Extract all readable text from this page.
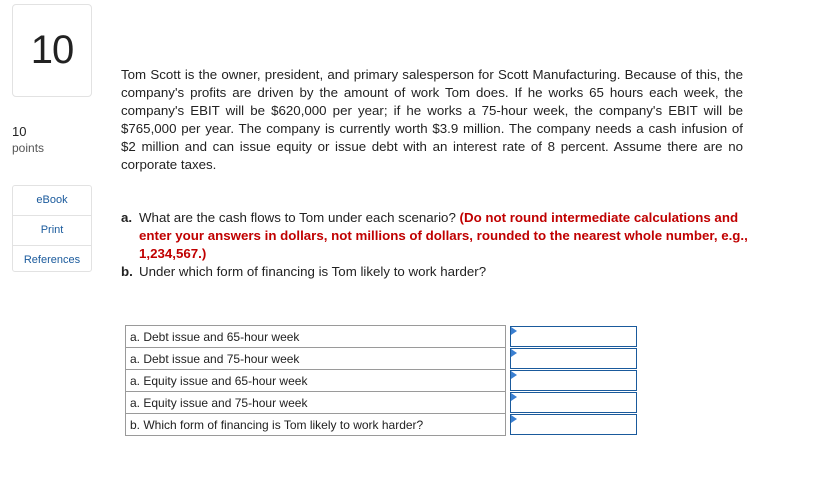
10
10
points
eBook
Print
References
Tom Scott is the owner, president, and primary salesperson for Scott Manufacturing. Because of this, the company's profits are driven by the amount of work Tom does. If he works 65 hours each week, the company's EBIT will be $620,000 per year; if he works a 75-hour week, the company's EBIT will be $765,000 per year. The company is currently worth $3.9 million. The company needs a cash infusion of $2 million and can issue equity or issue debt with an interest rate of 8 percent. Assume there are no corporate taxes.
a. What are the cash flows to Tom under each scenario? (Do not round intermediate calculations and enter your answers in dollars, not millions of dollars, rounded to the nearest whole number, e.g., 1,234,567.)
b. Under which form of financing is Tom likely to work harder?
a. Debt issue and 65-hour week		

a. Debt issue and 75-hour week		

a. Equity issue and 65-hour week		

a. Equity issue and 75-hour week		

b. Which form of financing is Tom likely to work harder?		
